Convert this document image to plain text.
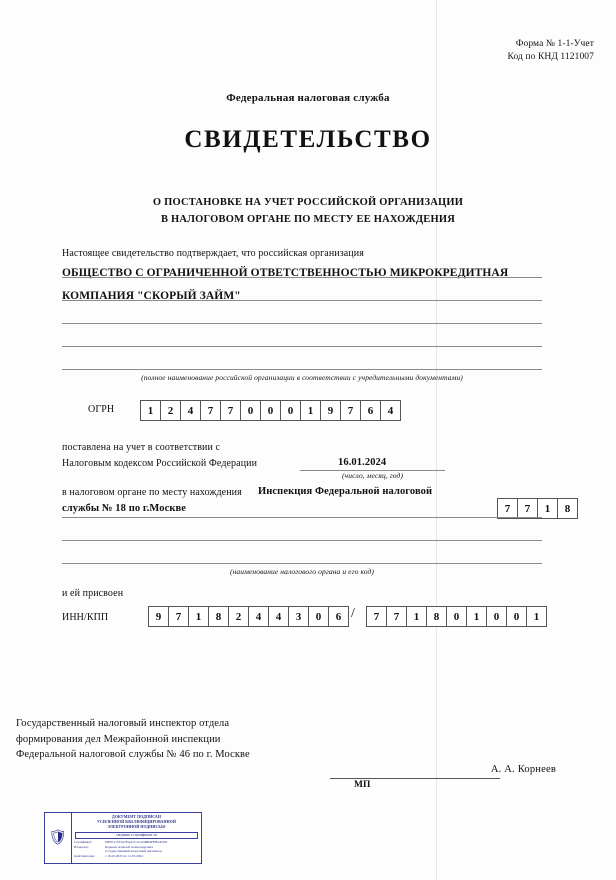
Форма № 1-1-Учет
Код по КНД 1121007
Федеральная налоговая служба
СВИДЕТЕЛЬСТВО
О ПОСТАНОВКЕ НА УЧЕТ РОССИЙСКОЙ ОРГАНИЗАЦИИ
В НАЛОГОВОМ ОРГАНЕ ПО МЕСТУ ЕЕ НАХОЖДЕНИЯ
Настоящее свидетельство подтверждает, что российская организация
ОБЩЕСТВО С ОГРАНИЧЕННОЙ ОТВЕТСТВЕННОСТЬЮ МИКРОКРЕДИТНАЯ
КОМПАНИЯ "СКОРЫЙ ЗАЙМ"
(полное наименование российской организации в соответствии с учредительными документами)
ОГРН	1	2	4	7	7	0	0	0	1	9	7	6	4
поставлена на учет в соответствии с
Налоговым кодексом Российской Федерации	16.01.2024
(число, месяц, год)
в налоговом органе по месту нахождения Инспекция Федеральной налоговой
службы № 18 по г.Москве	7	7	1	8
(наименование налогового органа и его код)
и ей присвоен
ИНН/КПП	9	7	1	8	2	4	4	3	0	6 /	7	7	1	8	0	1	0	0	1
Государственный налоговый инспектор отдела
формирования дел Межрайонной инспекции
Федеральной налоговой службы № 46 по г. Москве
А. А. Корнеев
МП
🛡
ДОКУМЕНТ ПОДПИСАН
УСИЛЕННОЙ КВАЛИФИЦИРОВАННОЙ
ЭЛЕКТРОННОЙ ПОДПИСЬЮ
сведения о сертификате эп
Сертификат:	00F6111535A7FAA7CA7A5BB4FEB2AD03
Владелец:	Корнеев Алексей Александрович
государственный налоговый инспектор
Действителен:	с 16.02.2023 по 11.05.2024
